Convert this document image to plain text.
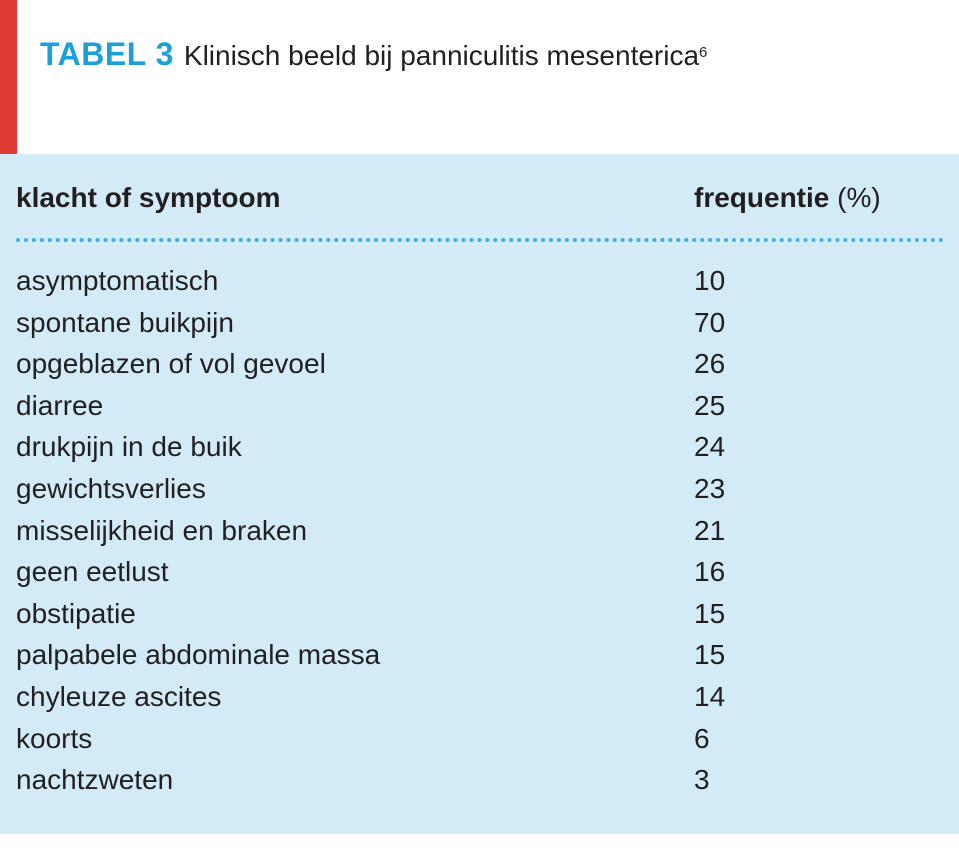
TABEL 3 Klinisch beeld bij panniculitis mesenterica6
klacht of symptoom	frequentie (%)
asymptomatisch	10
spontane buikpijn	70
opgeblazen of vol gevoel	26
diarree	25
drukpijn in de buik	24
gewichtsverlies	23
misselijkheid en braken	21
geen eetlust	16
obstipatie	15
palpabele abdominale massa	15
chyleuze ascites	14
koorts	6
nachtzweten	3
